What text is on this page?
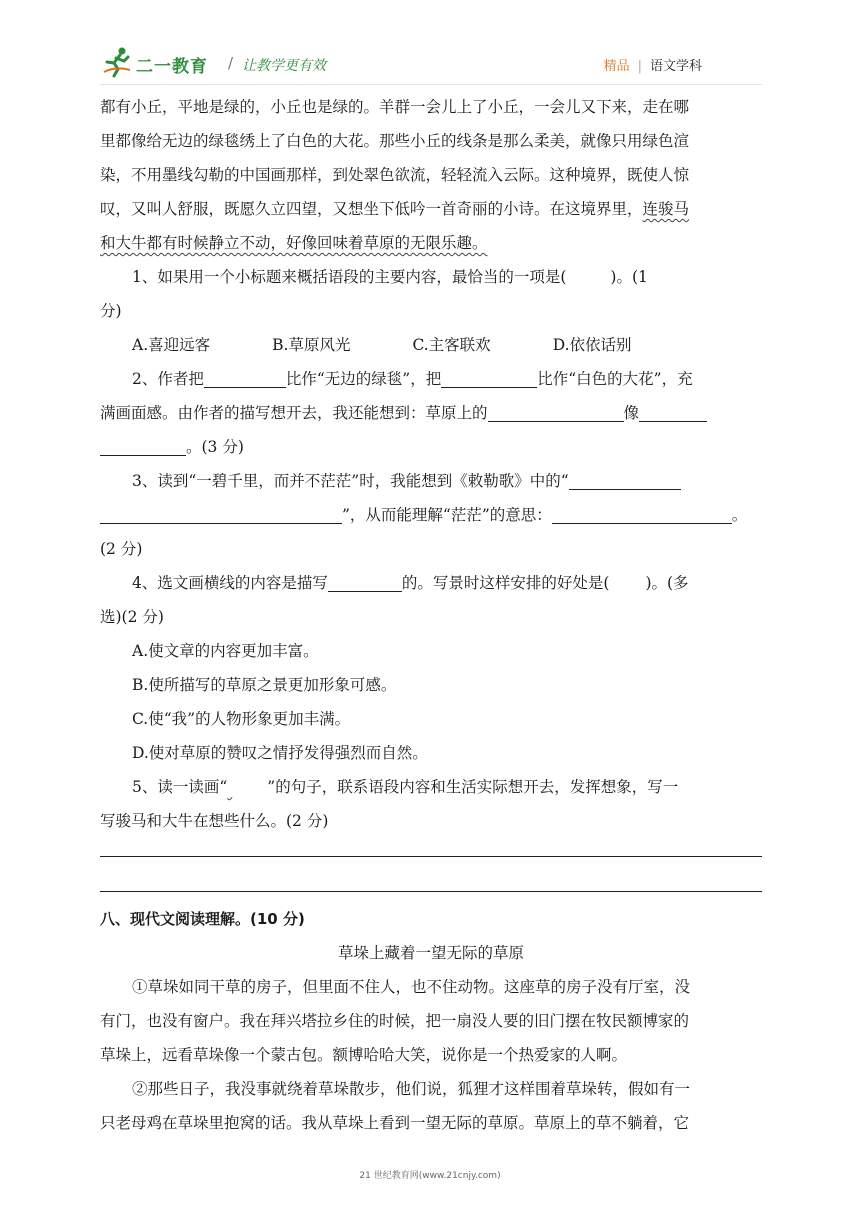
二一教育 / 让教学更有效	精品 | 语文学科
都有小丘，平地是绿的，小丘也是绿的。羊群一会儿上了小丘，一会儿又下来，走在哪
里都像给无边的绿毯绣上了白色的大花。那些小丘的线条是那么柔美，就像只用绿色渲
染，不用墨线勾勒的中国画那样，到处翠色欲流，轻轻流入云际。这种境界，既使人惊
叹，又叫人舒服，既愿久立四望，又想坐下低吟一首奇丽的小诗。在这境界里，连骏马
和大牛都有时候静立不动，好像回味着草原的无限乐趣。
1、如果用一个小标题来概括语段的主要内容，最恰当的一项是(	)。(1
分)
A.喜迎远客	B.草原风光	C.主客联欢	D.依依话别
2、作者把	比作“无边的绿毯”，把	比作“白色的大花”，充
满画面感。由作者的描写想开去，我还能想到：草原上的	像
。(3 分)
3、读到“一碧千里，而并不茫茫”时，我能想到《敕勒歌》中的“
”，从而能理解“茫茫”的意思：	。
(2 分)
4、选文画横线的内容是描写	的。写景时这样安排的好处是( )。(多
选)(2 分)
A.使文章的内容更加丰富。
B.使所描写的草原之景更加形象可感。
C.使“我”的人物形象更加丰满。
D.使对草原的赞叹之情抒发得强烈而自然。
5、读一读画“	”的句子，联系语段内容和生活实际想开去，发挥想象，写一
写骏马和大牛在想些什么。(2 分)
八、现代文阅读理解。(10 分)
草垛上藏着一望无际的草原
①草垛如同干草的房子，但里面不住人，也不住动物。这座草的房子没有厅室，没
有门，也没有窗户。我在拜兴塔拉乡住的时候，把一扇没人要的旧门摆在牧民额博家的
草垛上，远看草垛像一个蒙古包。额博哈哈大笑，说你是一个热爱家的人啊。
②那些日子，我没事就绕着草垛散步，他们说，狐狸才这样围着草垛转，假如有一
只老母鸡在草垛里抱窝的话。我从草垛上看到一望无际的草原。草原上的草不躺着，它
21 世纪教育网(www.21cnjy.com)
